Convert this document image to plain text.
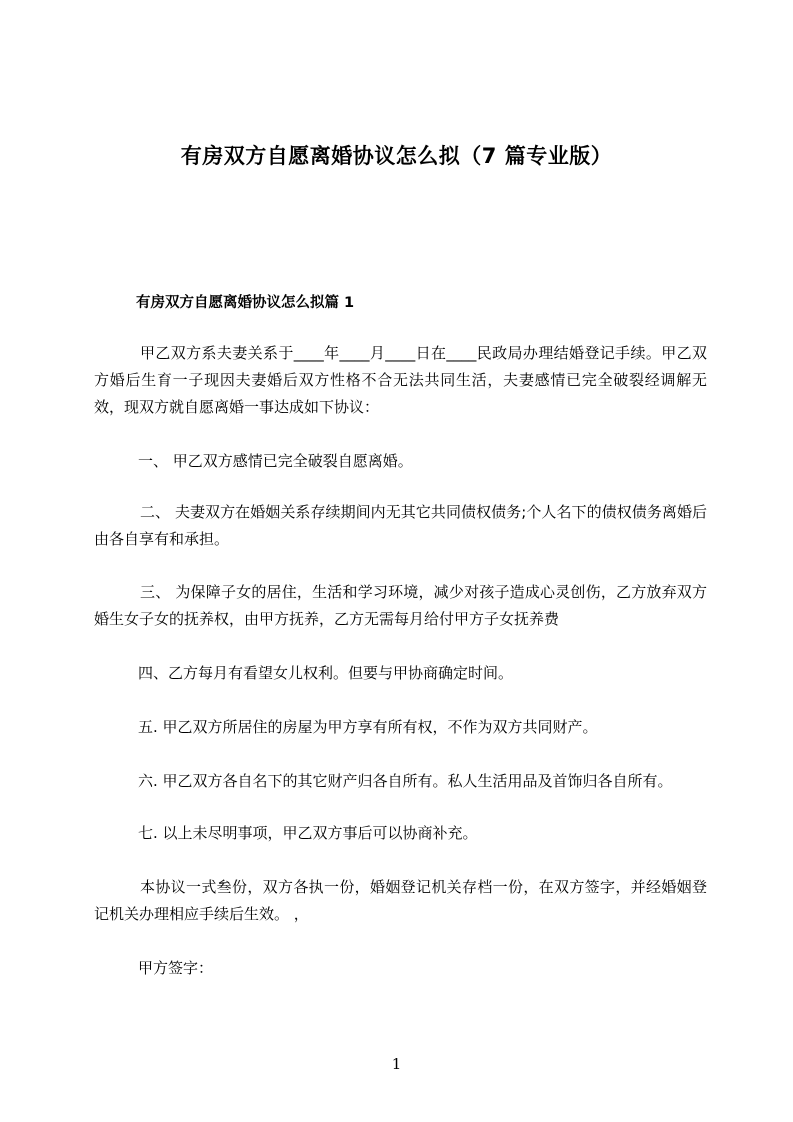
有房双方自愿离婚协议怎么拟（7 篇专业版）
有房双方自愿离婚协议怎么拟篇 1

甲乙双方系夫妻关系于____年____月____日在____民政局办理结婚登记手续。甲乙双方婚后生育一子现因夫妻婚后双方性格不合无法共同生活，夫妻感情已完全破裂经调解无效，现双方就自愿离婚一事达成如下协议：

一、 甲乙双方感情已完全破裂自愿离婚。

二、 夫妻双方在婚姻关系存续期间内无其它共同债权债务;个人名下的债权债务离婚后由各自享有和承担。

三、 为保障子女的居住，生活和学习环境，减少对孩子造成心灵创伤，乙方放弃双方婚生女子女的抚养权，由甲方抚养，乙方无需每月给付甲方子女抚养费

四、乙方每月有看望女儿权利。但要与甲协商确定时间。

五. 甲乙双方所居住的房屋为甲方享有所有权，不作为双方共同财产。

六. 甲乙双方各自名下的其它财产归各自所有。私人生活用品及首饰归各自所有。

七. 以上未尽明事项，甲乙双方事后可以协商补充。

本协议一式叁份，双方各执一份，婚姻登记机关存档一份，在双方签字，并经婚姻登记机关办理相应手续后生效。 ，

甲方签字：

1
